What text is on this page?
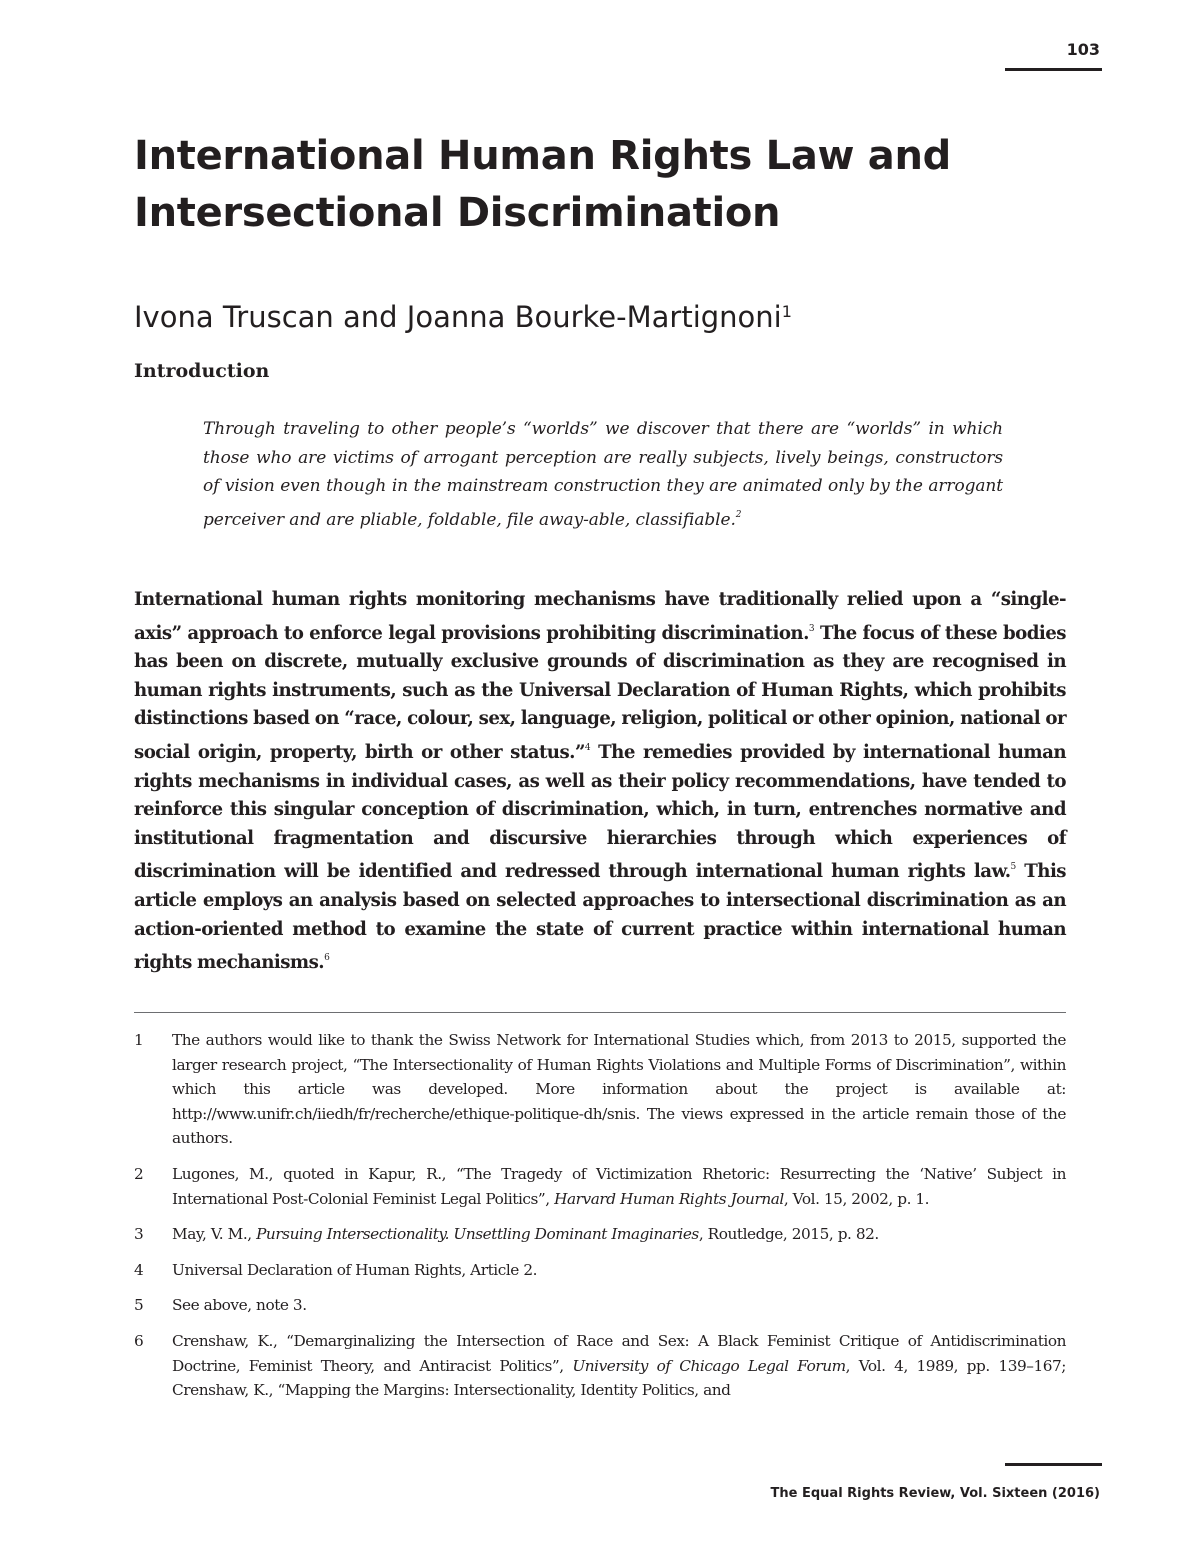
103
International Human Rights Law and
Intersectional Discrimination
Ivona Truscan and Joanna Bourke-Martignoni$^1$
Introduction
Through traveling to other people’s “worlds” we discover that there are “worlds” in which those who are victims of arrogant perception are really subjects, lively beings, constructors of vision even though in the mainstream construction they are animated only by the arrogant perceiver and are pliable, foldable, file away-able, classifiable.$^2$
International human rights monitoring mechanisms have traditionally relied upon a “single-axis” approach to enforce legal provisions prohibiting discrimination.$^3$ The focus of these bodies has been on discrete, mutually exclusive grounds of discrimination as they are recognised in human rights instruments, such as the Universal Declaration of Human Rights, which prohibits distinctions based on “race, colour, sex, language, religion, political or other opinion, national or social origin, property, birth or other status.”$^4$ The remedies provided by international human rights mechanisms in individual cases, as well as their policy recommendations, have tended to reinforce this singular conception of discrimination, which, in turn, entrenches normative and institutional fragmentation and discursive hierarchies through which experiences of discrimination will be identified and redressed through international human rights law.$^5$ This article employs an analysis based on selected approaches to intersectional discrimination as an action-oriented method to examine the state of current practice within international human rights mechanisms.$^6$
1	The authors would like to thank the Swiss Network for International Studies which, from 2013 to 2015, supported the larger research project, “The Intersectionality of Human Rights Violations and Multiple Forms of Discrimination”, within which this article was developed. More information about the project is available at: http://www.unifr.ch/iiedh/fr/recherche/ethique-politique-dh/snis. The views expressed in the article remain those of the authors.
2	Lugones, M., quoted in Kapur, R., “The Tragedy of Victimization Rhetoric: Resurrecting the ‘Native’ Subject in International Post-Colonial Feminist Legal Politics”, Harvard Human Rights Journal, Vol. 15, 2002, p. 1.
3	May, V. M., Pursuing Intersectionality. Unsettling Dominant Imaginaries, Routledge, 2015, p. 82.
4	Universal Declaration of Human Rights, Article 2.
5	See above, note 3.
6	Crenshaw, K., “Demarginalizing the Intersection of Race and Sex: A Black Feminist Critique of Antidiscrimination Doctrine, Feminist Theory, and Antiracist Politics”, University of Chicago Legal Forum, Vol. 4, 1989, pp. 139–167; Crenshaw, K., “Mapping the Margins: Intersectionality, Identity Politics, and
The Equal Rights Review, Vol. Sixteen (2016)
